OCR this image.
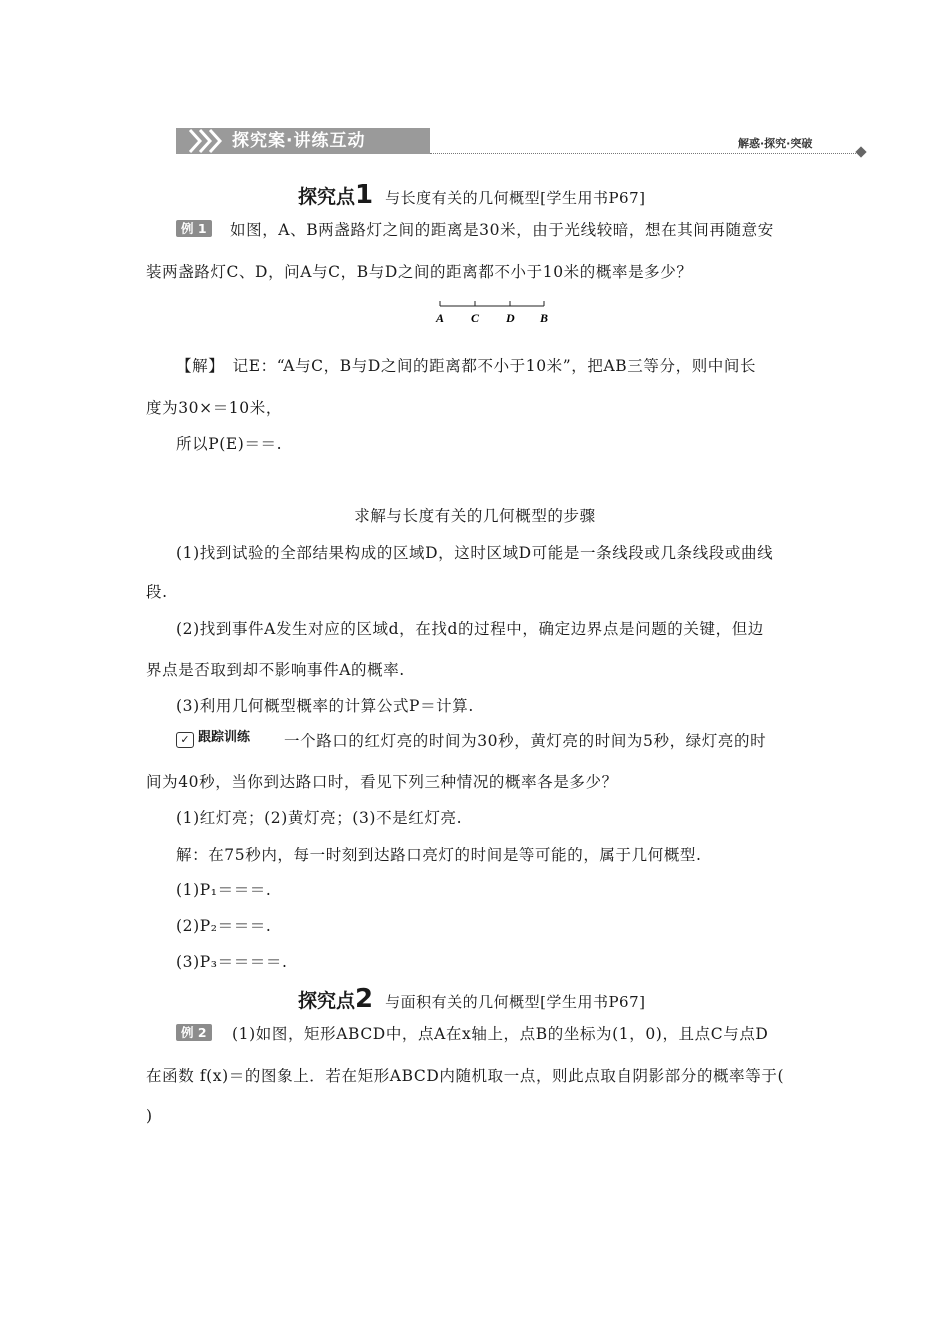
探究案·讲练互动	解惑·探究·突破
探究点1 与长度有关的几何概型[学生用书P67]
例 1	如图，A、B两盏路灯之间的距离是30米，由于光线较暗，想在其间再随意安
装两盏路灯C、D，问A与C，B与D之间的距离都不小于10米的概率是多少？
A C D B
【解】　记E：“A与C，B与D之间的距离都不小于10米”，把AB三等分，则中间长
度为30×＝10米，
所以P(E)＝＝.
求解与长度有关的几何概型的步骤
(1)找到试验的全部结果构成的区域D，这时区域D可能是一条线段或几条线段或曲线
段.
(2)找到事件A发生对应的区域d，在找d的过程中，确定边界点是问题的关键，但边
界点是否取到却不影响事件A的概率.
(3)利用几何概型概率的计算公式P＝计算.
✓ 跟踪训练 一个路口的红灯亮的时间为30秒，黄灯亮的时间为5秒，绿灯亮的时
间为40秒，当你到达路口时，看见下列三种情况的概率各是多少？
(1)红灯亮；(2)黄灯亮；(3)不是红灯亮.
解：在75秒内，每一时刻到达路口亮灯的时间是等可能的，属于几何概型.
(1)P₁＝＝＝.
(2)P₂＝＝＝.
(3)P₃＝＝＝＝.
探究点2 与面积有关的几何概型[学生用书P67]
例 2	(1)如图，矩形ABCD中，点A在x轴上，点B的坐标为(1，0)，且点C与点D
在函数 f(x)＝的图象上．若在矩形ABCD内随机取一点，则此点取自阴影部分的概率等于(
)
